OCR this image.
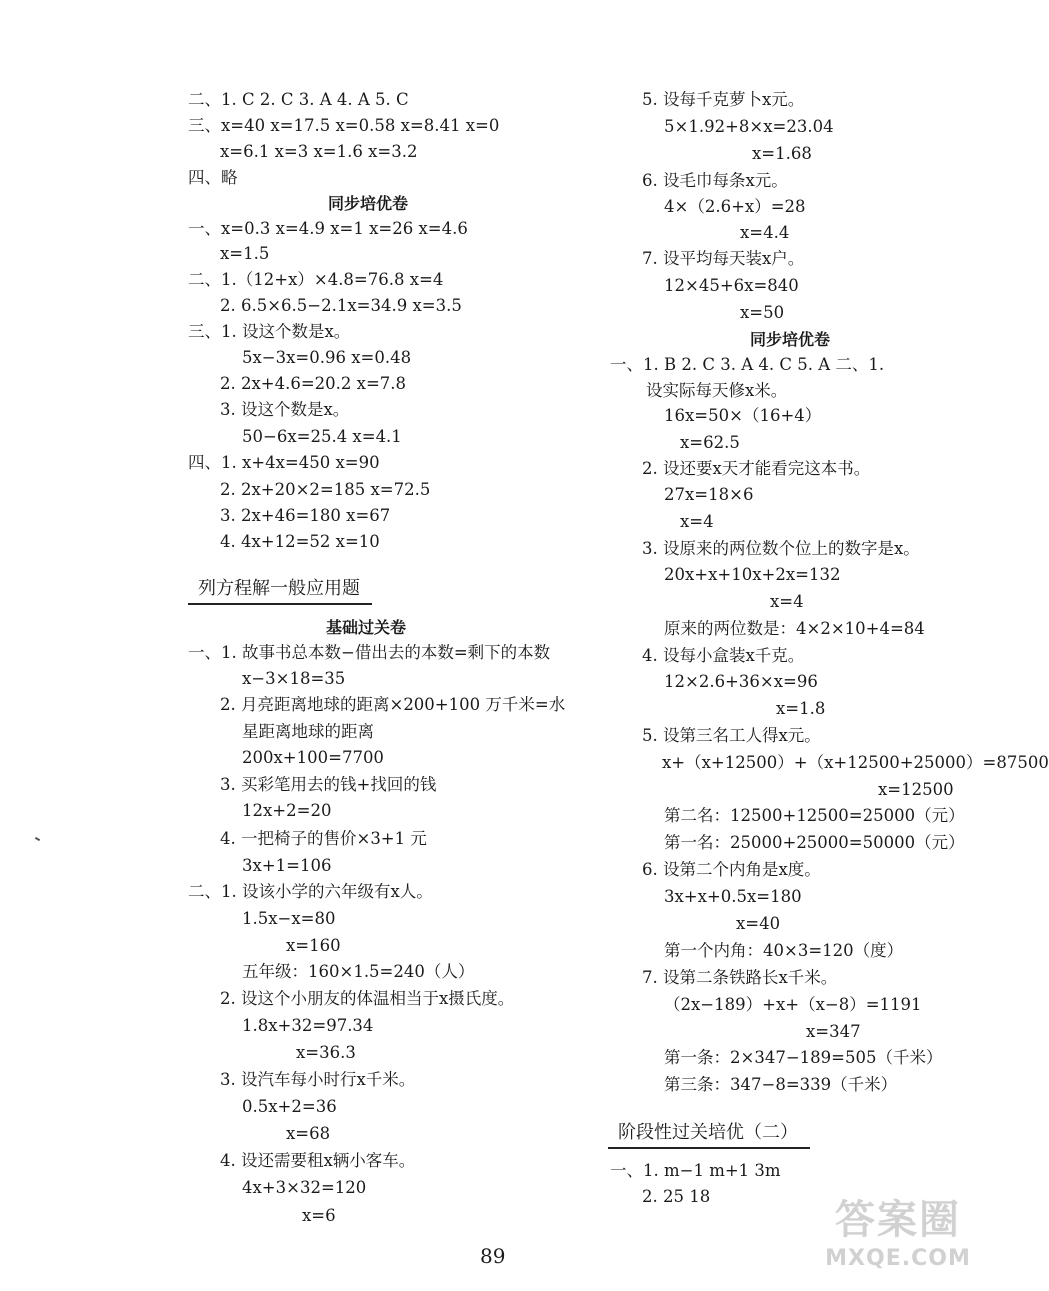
二、1. C 2. C 3. A 4. A 5. C
三、x=40 x=17.5 x=0.58 x=8.41 x=0
x=6.1 x=3 x=1.6 x=3.2
四、略
同步培优卷
一、x=0.3 x=4.9 x=1 x=26 x=4.6
x=1.5
二、1.（12+x）×4.8=76.8 x=4
2. 6.5×6.5−2.1x=34.9 x=3.5
三、1. 设这个数是x。
5x−3x=0.96 x=0.48
2. 2x+4.6=20.2 x=7.8
3. 设这个数是x。
50−6x=25.4 x=4.1
四、1. x+4x=450 x=90
2. 2x+20×2=185 x=72.5
3. 2x+46=180 x=67
4. 4x+12=52 x=10
列方程解一般应用题
基础过关卷
一、1. 故事书总本数−借出去的本数=剩下的本数
x−3×18=35
2. 月亮距离地球的距离×200+100 万千米=水
星距离地球的距离
200x+100=7700
3. 买彩笔用去的钱+找回的钱
12x+2=20
4. 一把椅子的售价×3+1 元
3x+1=106
二、1. 设该小学的六年级有x人。
1.5x−x=80
x=160
五年级：160×1.5=240（人）
2. 设这个小朋友的体温相当于x摄氏度。
1.8x+32=97.34
x=36.3
3. 设汽车每小时行x千米。
0.5x+2=36
x=68
4. 设还需要租x辆小客车。
4x+3×32=120
x=6
5. 设每千克萝卜x元。
5×1.92+8×x=23.04
x=1.68
6. 设毛巾每条x元。
4×（2.6+x）=28
x=4.4
7. 设平均每天装x户。
12×45+6x=840
x=50
同步培优卷
一、1. B 2. C 3. A 4. C 5. A 二、1.
设实际每天修x米。
16x=50×（16+4）
x=62.5
2. 设还要x天才能看完这本书。
27x=18×6
x=4
3. 设原来的两位数个位上的数字是x。
20x+x+10x+2x=132
x=4
原来的两位数是：4×2×10+4=84
4. 设每小盒装x千克。
12×2.6+36×x=96
x=1.8
5. 设第三名工人得x元。
x+（x+12500）+（x+12500+25000）=87500
x=12500
第二名：12500+12500=25000（元）
第一名：25000+25000=50000（元）
6. 设第二个内角是x度。
3x+x+0.5x=180
x=40
第一个内角：40×3=120（度）
7. 设第二条铁路长x千米。
（2x−189）+x+（x−8）=1191
x=347
第一条：2×347−189=505（千米）
第三条：347−8=339（千米）
阶段性过关培优（二）
一、1. m−1 m+1 3m
2. 25 18
89
答案圈
MXQE.COM
